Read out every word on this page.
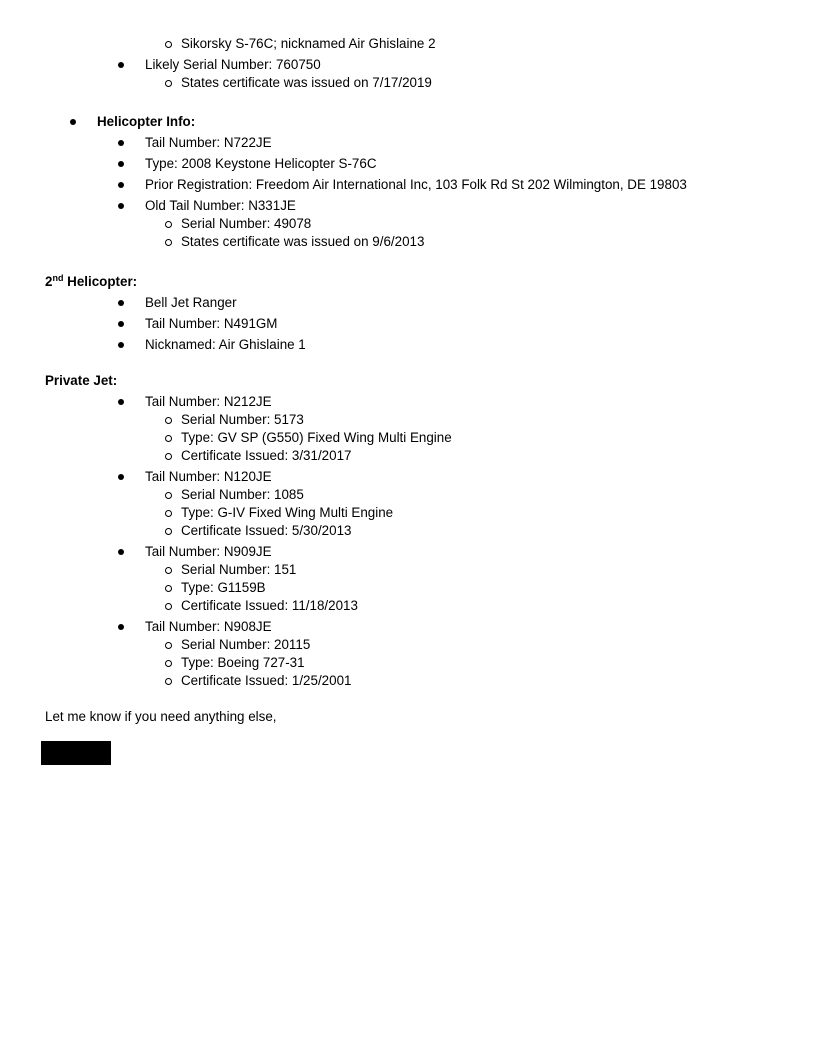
Sikorsky S-76C; nicknamed Air Ghislaine 2
Likely Serial Number: 760750
States certificate was issued on 7/17/2019
Helicopter Info:
Tail Number: N722JE
Type: 2008 Keystone Helicopter S-76C
Prior Registration: Freedom Air International Inc, 103 Folk Rd St 202 Wilmington, DE 19803
Old Tail Number: N331JE
Serial Number: 49078
States certificate was issued on 9/6/2013
2nd Helicopter:
Bell Jet Ranger
Tail Number: N491GM
Nicknamed: Air Ghislaine 1
Private Jet:
Tail Number: N212JE
Serial Number: 5173
Type: GV SP (G550) Fixed Wing Multi Engine
Certificate Issued: 3/31/2017
Tail Number: N120JE
Serial Number: 1085
Type: G-IV Fixed Wing Multi Engine
Certificate Issued: 5/30/2013
Tail Number: N909JE
Serial Number: 151
Type: G1159B
Certificate Issued: 11/18/2013
Tail Number: N908JE
Serial Number: 20115
Type: Boeing 727-31
Certificate Issued: 1/25/2001
Let me know if you need anything else,
